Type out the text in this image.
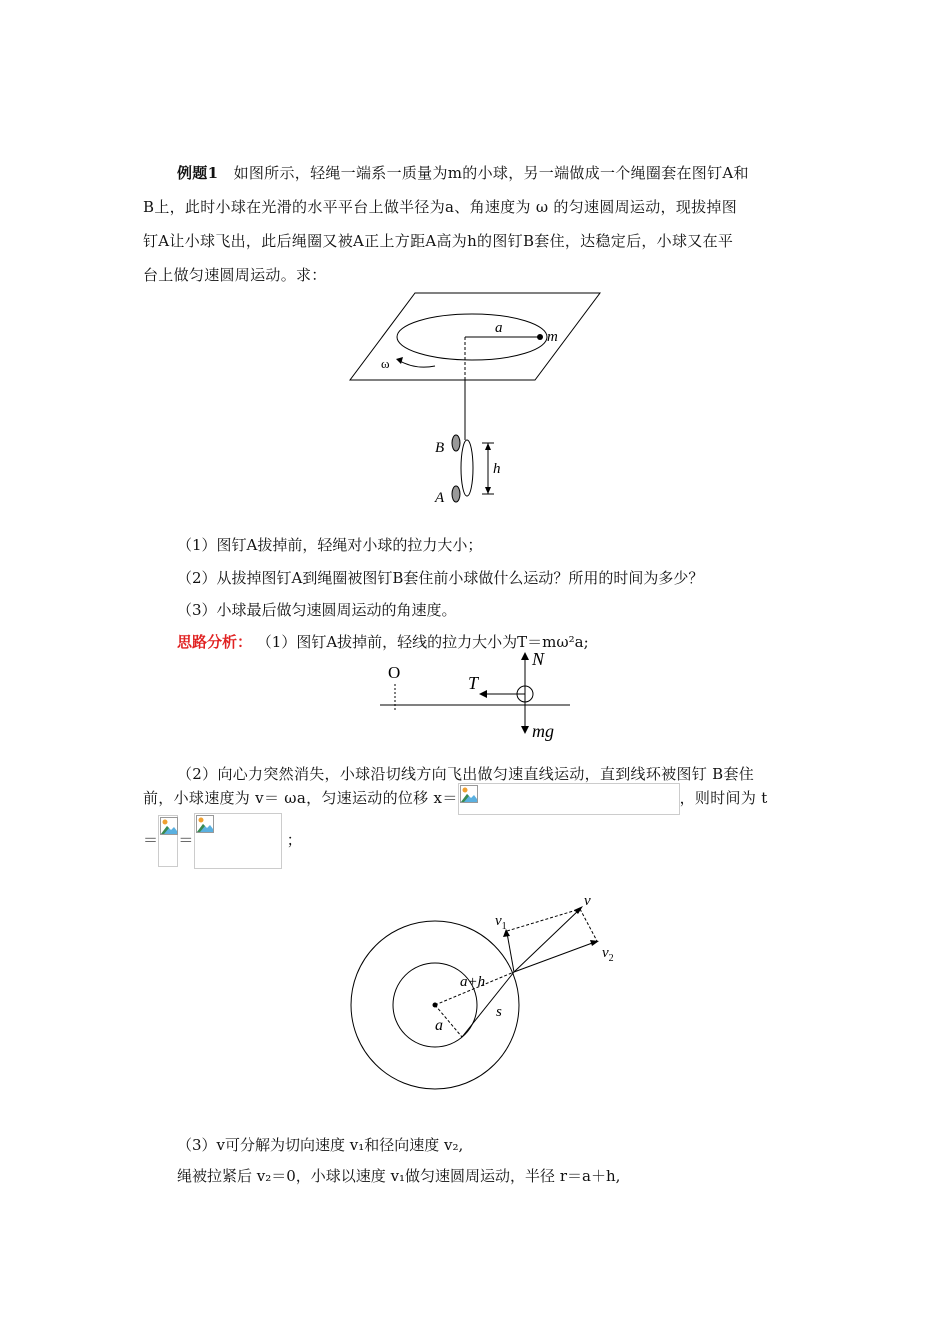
例题1 如图所示，轻绳一端系一质量为m的小球，另一端做成一个绳圈套在图钉A和
B上，此时小球在光滑的水平平台上做半径为a、角速度为 ω 的匀速圆周运动，现拔掉图
钉A让小球飞出，此后绳圈又被A正上方距A高为h的图钉B套住，达稳定后，小球又在平
台上做匀速圆周运动。求：
a
m
ω
B
A
h
（1）图钉A拔掉前，轻绳对小球的拉力大小；
（2）从拔掉图钉A到绳圈被图钉B套住前小球做什么运动？所用的时间为多少？
（3）小球最后做匀速圆周运动的角速度。
思路分析： （1）图钉A拔掉前，轻线的拉力大小为T＝mω²a;
O
T
N
mg
（2）向心力突然消失，小球沿切线方向飞出做匀速直线运动，直到线环被图钉 B套住
前，小球速度为 v＝ ωa，匀速运动的位移 x＝	，则时间为 t
＝ ＝	；
v
$v_1$
$v_2$
a+h
s
a
（3）v可分解为切向速度 v₁和径向速度 v₂,
绳被拉紧后 v₂＝0，小球以速度 v₁做匀速圆周运动，半径 r＝a＋h,
